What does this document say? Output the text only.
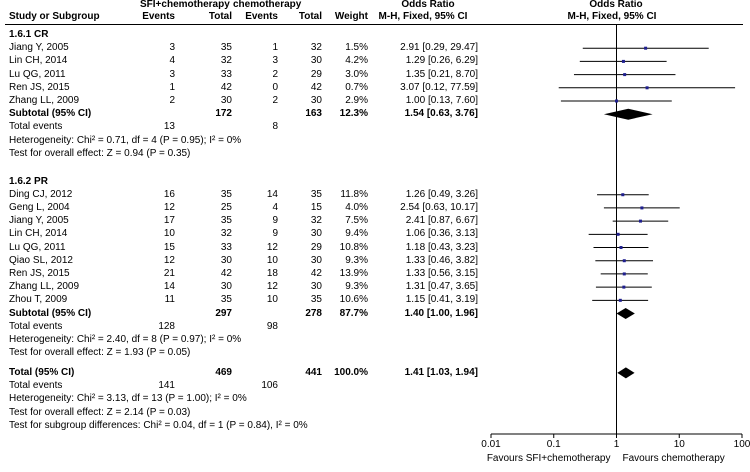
SFI+chemotherapy chemotherapy	Odds Ratio
M-H, Fixed, 95% CI
Odds Ratio
M-H, Fixed, 95% CI
Study or Subgroup	Events	Total	Events	Total	Weight
1.6.1 CR
Jiang Y, 2005	3	35	1	32	1.5%	2.91 [0.29, 29.47]
Lin CH, 2014	4	32	3	30	4.2%	1.29 [0.26, 6.29]
Lu QG, 2011	3	33	2	29	3.0%	1.35 [0.21, 8.70]
Ren JS, 2015	1	42	0	42	0.7%	3.07 [0.12, 77.59]
Zhang LL, 2009	2	30	2	30	2.9%	1.00 [0.13, 7.60]
Subtotal (95% CI)	172	163	12.3%	1.54 [0.63, 3.76]
Total events	13	8
Heterogeneity: Chi² = 0.71, df = 4 (P = 0.95); I² = 0%
Test for overall effect: Z = 0.94 (P = 0.35)
1.6.2 PR
Ding CJ, 2012	16	35	14	35	11.8%	1.26 [0.49, 3.26]
Geng L, 2004	12	25	4	15	4.0%	2.54 [0.63, 10.17]
Jiang Y, 2005	17	35	9	32	7.5%	2.41 [0.87, 6.67]
Lin CH, 2014	10	32	9	30	9.4%	1.06 [0.36, 3.13]
Lu QG, 2011	15	33	12	29	10.8%	1.18 [0.43, 3.23]
Qiao SL, 2012	12	30	10	30	9.3%	1.33 [0.46, 3.82]
Ren JS, 2015	21	42	18	42	13.9%	1.33 [0.56, 3.15]
Zhang LL, 2009	14	30	12	30	9.3%	1.31 [0.47, 3.65]
Zhou T, 2009	11	35	10	35	10.6%	1.15 [0.41, 3.19]
Subtotal (95% CI)	297	278	87.7%	1.40 [1.00, 1.96]
Total events	128	98
Heterogeneity: Chi² = 2.40, df = 8 (P = 0.97); I² = 0%
Test for overall effect: Z = 1.93 (P = 0.05)
Total (95% CI)	469	441	100.0%	1.41 [1.03, 1.94]
Total events	141	106
Heterogeneity: Chi² = 3.13, df = 13 (P = 1.00); I² = 0%
Test for overall effect: Z = 2.14 (P = 0.03)
Test for subgroup differences: Chi² = 0.04, df = 1 (P = 0.84), I² = 0%
0.01	0.1	1	10	100
Favours SFI+chemotherapy Favours chemotherapy
